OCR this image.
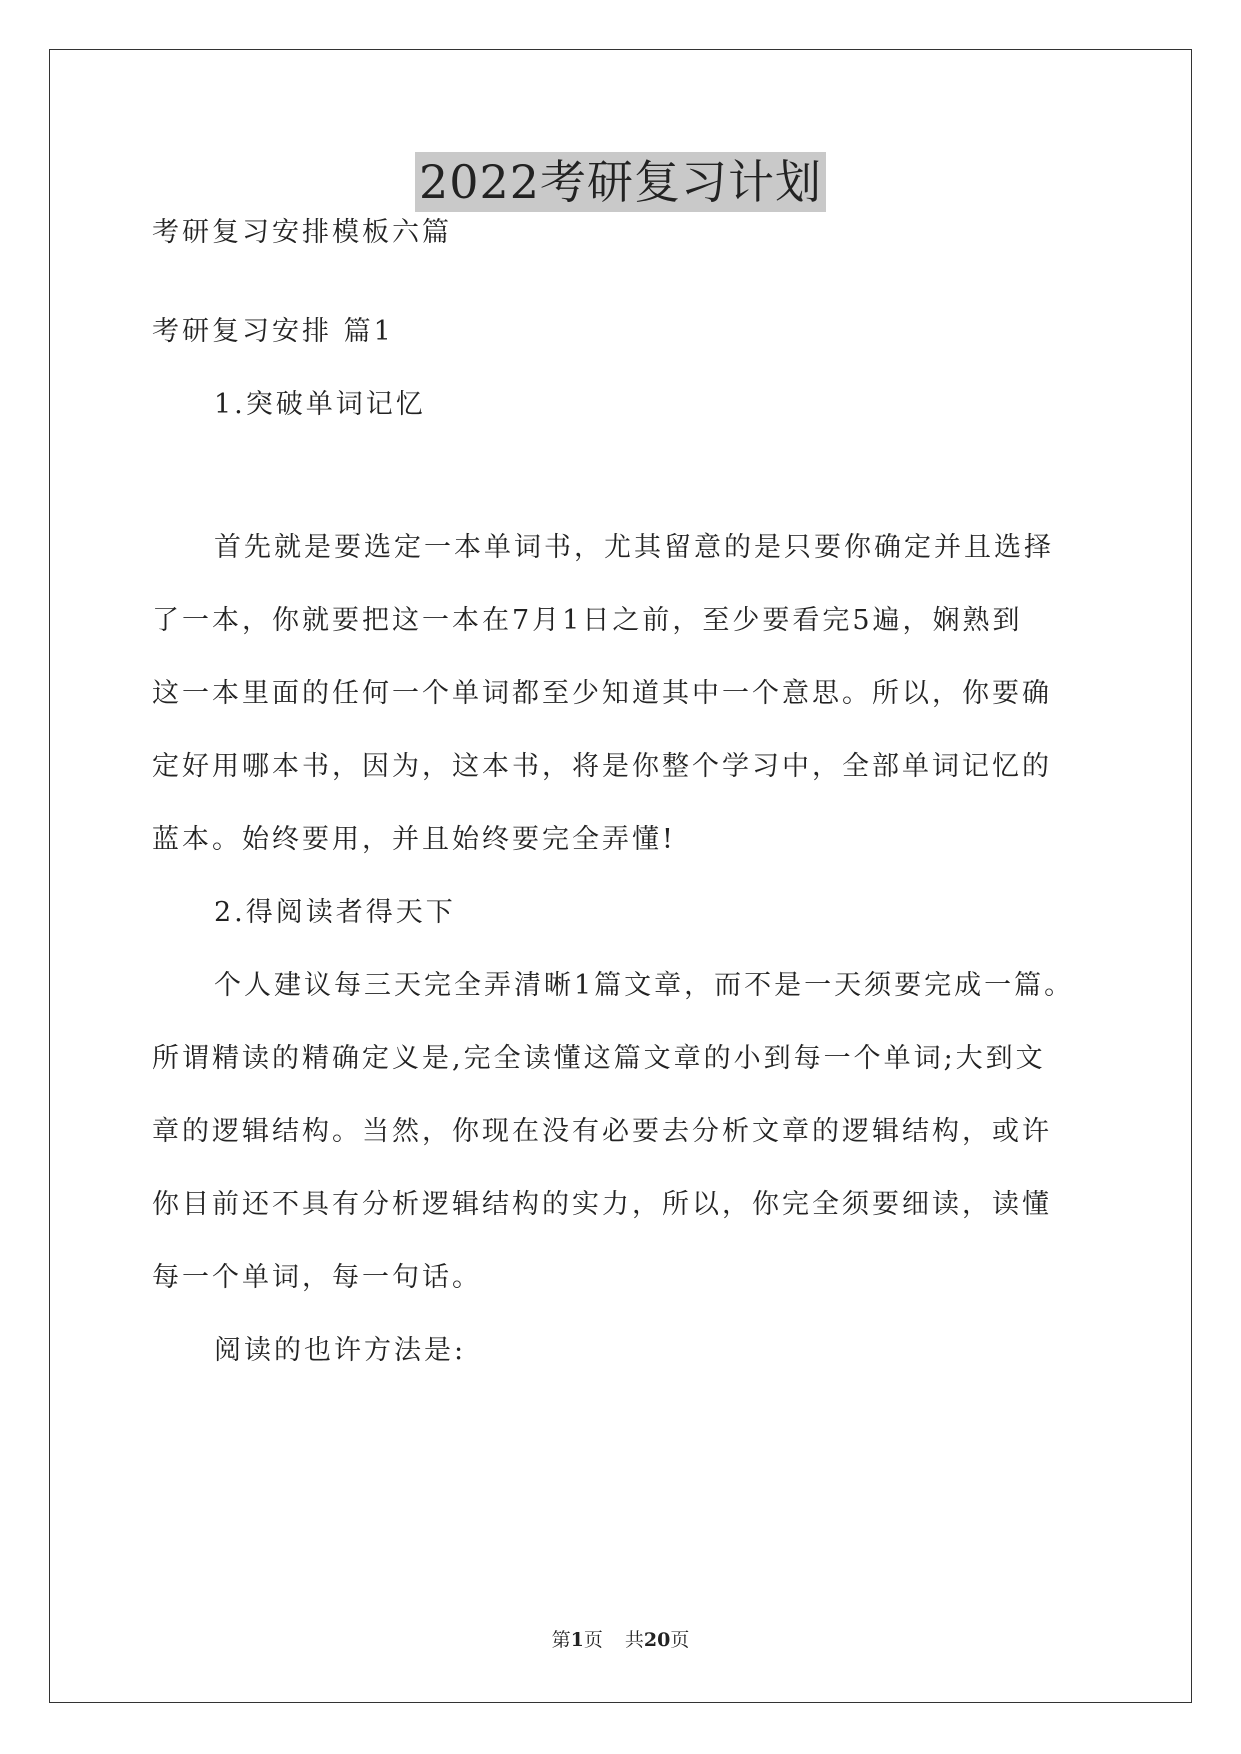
2022考研复习计划

考研复习安排模板六篇

考研复习安排 篇1

1.突破单词记忆

首先就是要选定一本单词书，尤其留意的是只要你确定并且选择

了一本，你就要把这一本在7月1日之前，至少要看完5遍，娴熟到

这一本里面的任何一个单词都至少知道其中一个意思。所以，你要确

定好用哪本书，因为，这本书，将是你整个学习中，全部单词记忆的

蓝本。始终要用，并且始终要完全弄懂!

2.得阅读者得天下

个人建议每三天完全弄清晰1篇文章，而不是一天须要完成一篇。

所谓精读的精确定义是,完全读懂这篇文章的小到每一个单词;大到文

章的逻辑结构。当然，你现在没有必要去分析文章的逻辑结构，或许

你目前还不具有分析逻辑结构的实力，所以，你完全须要细读，读懂

每一个单词，每一句话。

阅读的也许方法是:

第1页 共20页
